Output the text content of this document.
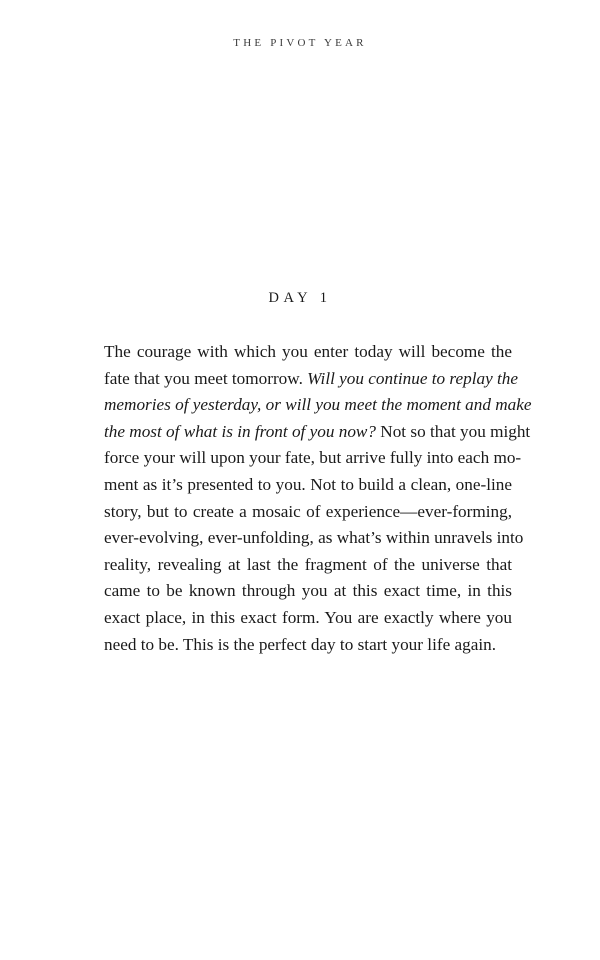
THE PIVOT YEAR
DAY 1

The courage with which you enter today will become the
fate that you meet tomorrow. Will you continue to replay the
memories of yesterday, or will you meet the moment and make
the most of what is in front of you now? Not so that you might
force your will upon your fate, but arrive fully into each mo-
ment as it’s presented to you. Not to build a clean, one-line
story, but to create a mosaic of experience—ever-forming,
ever-evolving, ever-unfolding, as what’s within unravels into
reality, revealing at last the fragment of the universe that
came to be known through you at this exact time, in this
exact place, in this exact form. You are exactly where you
need to be. This is the perfect day to start your life again.
